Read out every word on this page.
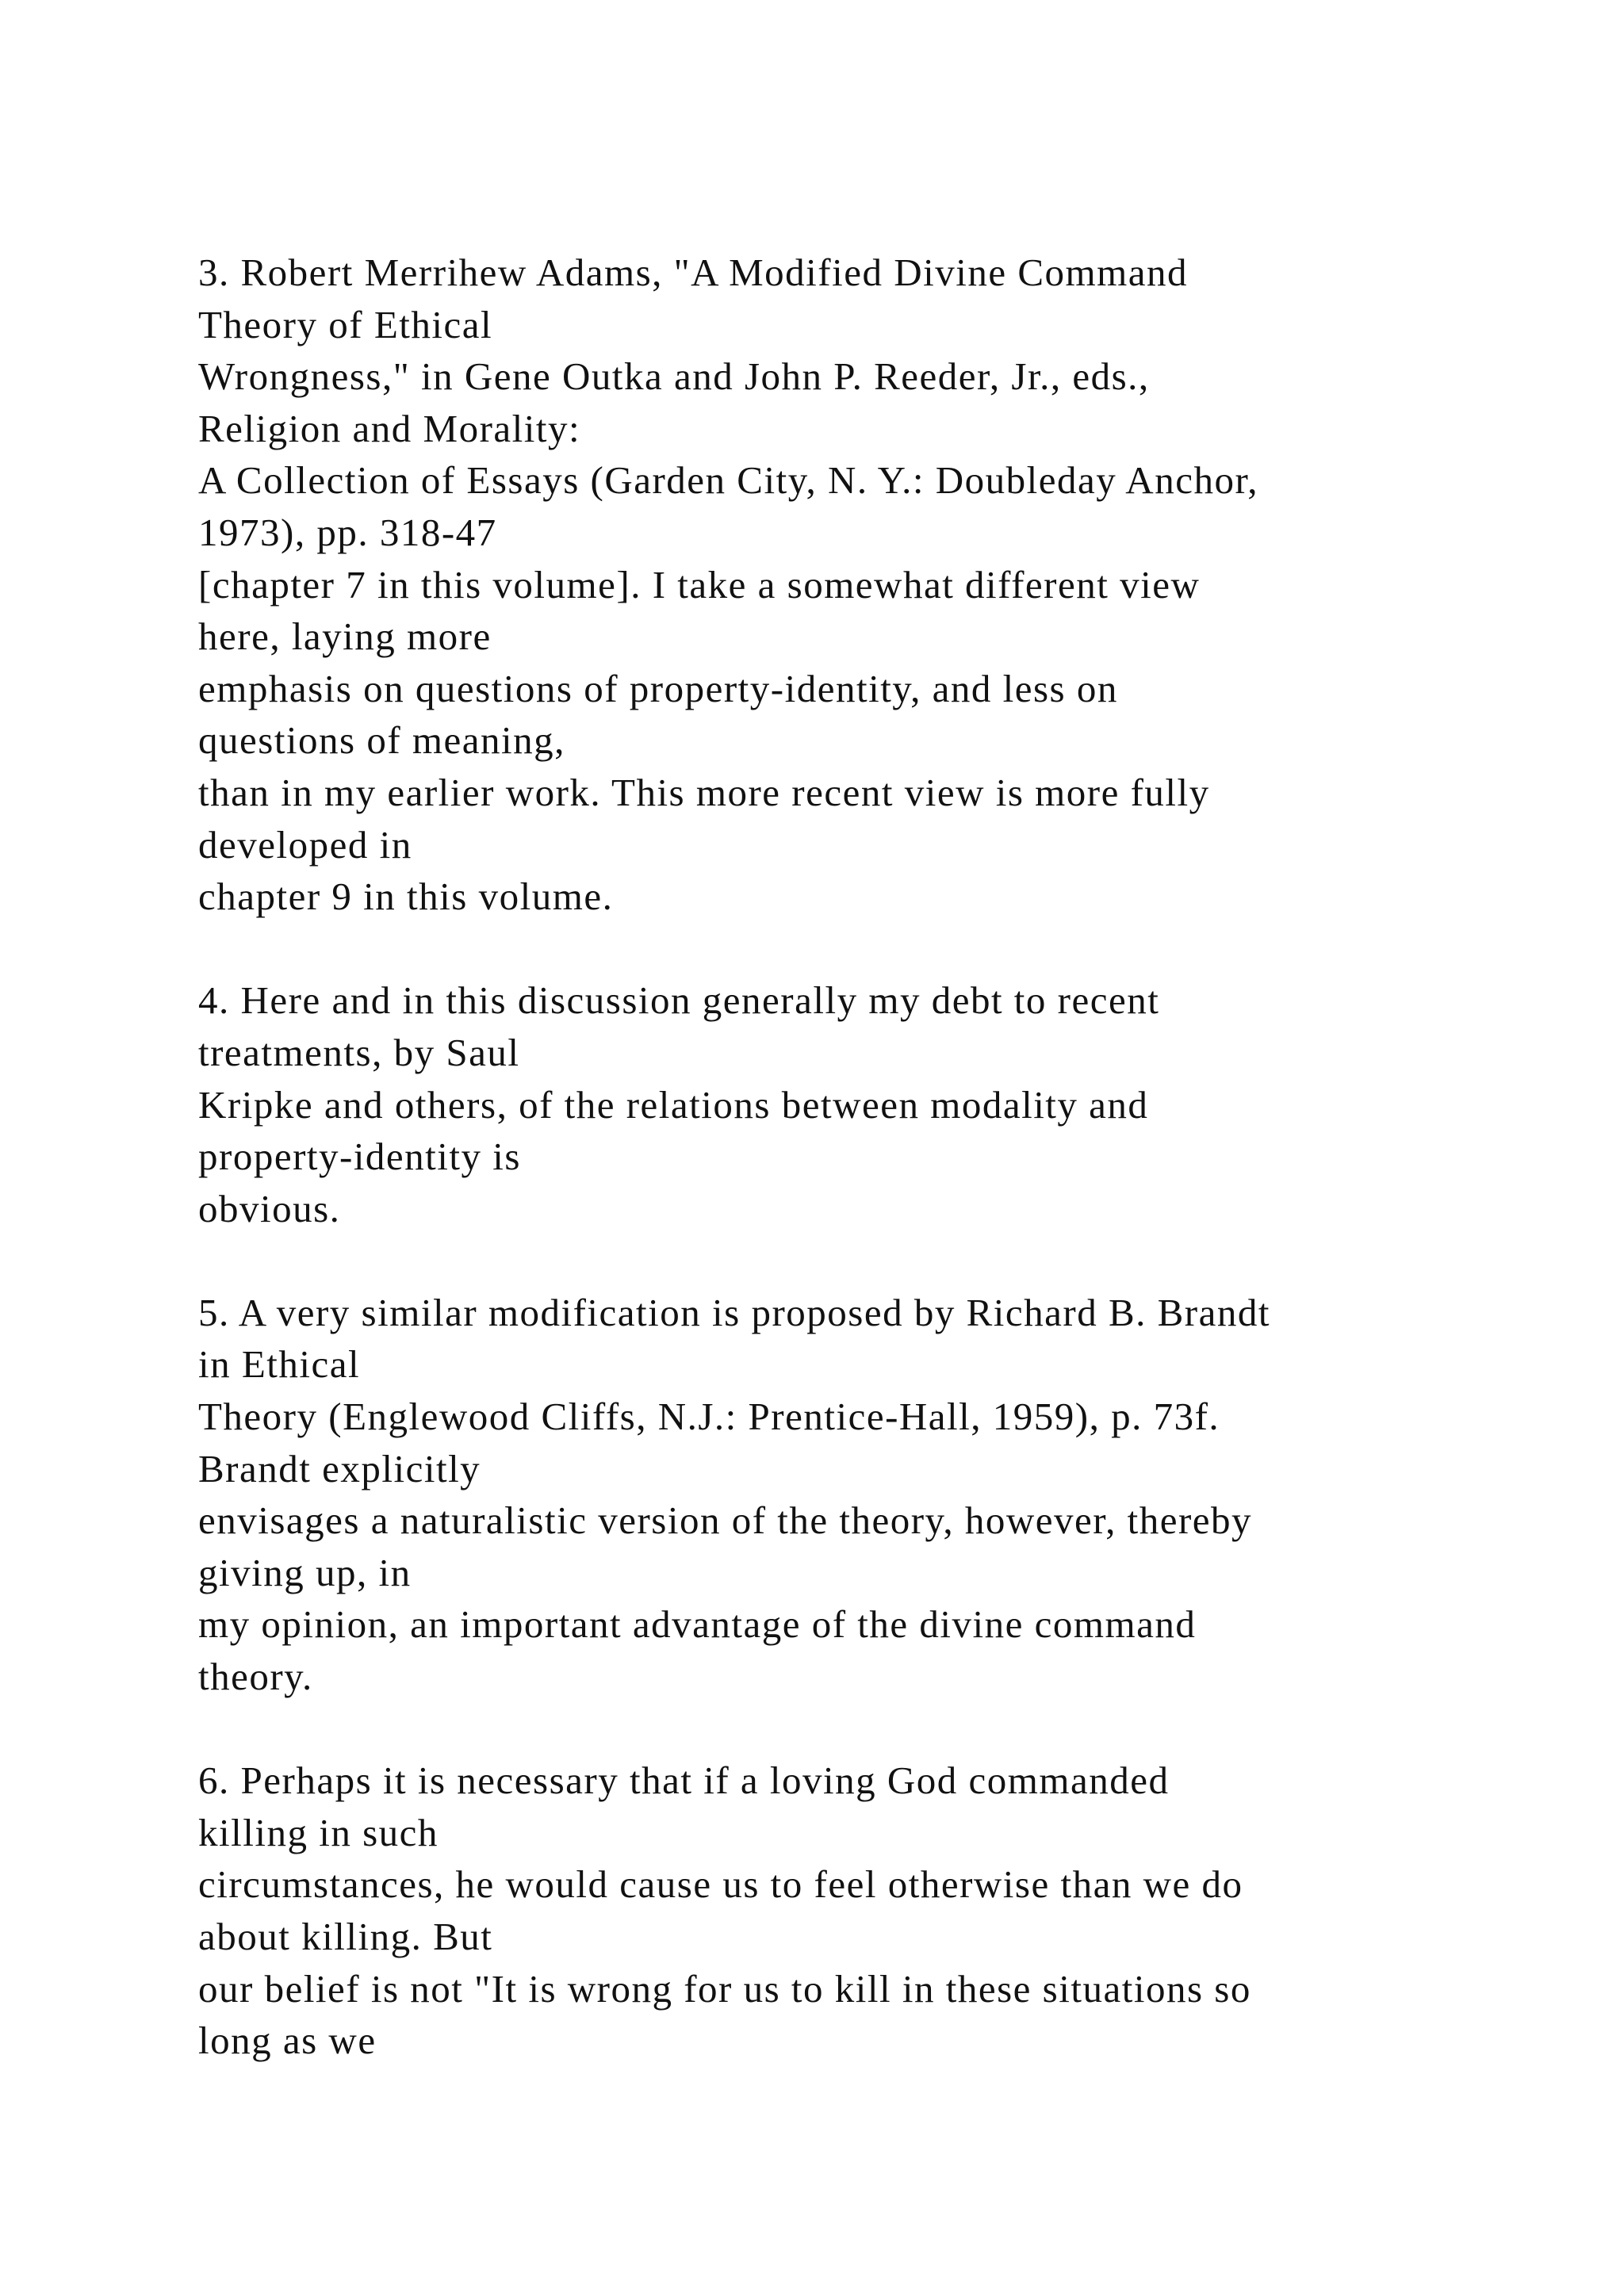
3. Robert Merrihew Adams, "A Modified Divine Command
Theory of Ethical
Wrongness," in Gene Outka and John P. Reeder, Jr., eds.,
Religion and Morality:
A Collection of Essays (Garden City, N. Y.: Doubleday Anchor,
1973), pp. 318-47
[chapter 7 in this volume]. I take a somewhat different view
here, laying more
emphasis on questions of property-identity, and less on
questions of meaning,
than in my earlier work. This more recent view is more fully
developed in
chapter 9 in this volume.
4. Here and in this discussion generally my debt to recent
treatments, by Saul
Kripke and others, of the relations between modality and
property-identity is
obvious.
5. A very similar modification is proposed by Richard B. Brandt
in Ethical
Theory (Englewood Cliffs, N.J.: Prentice-Hall, 1959), p. 73f.
Brandt explicitly
envisages a naturalistic version of the theory, however, thereby
giving up, in
my opinion, an important advantage of the divine command
theory.
6. Perhaps it is necessary that if a loving God commanded
killing in such
circumstances, he would cause us to feel otherwise than we do
about killing. But
our belief is not "It is wrong for us to kill in these situations so
long as we
